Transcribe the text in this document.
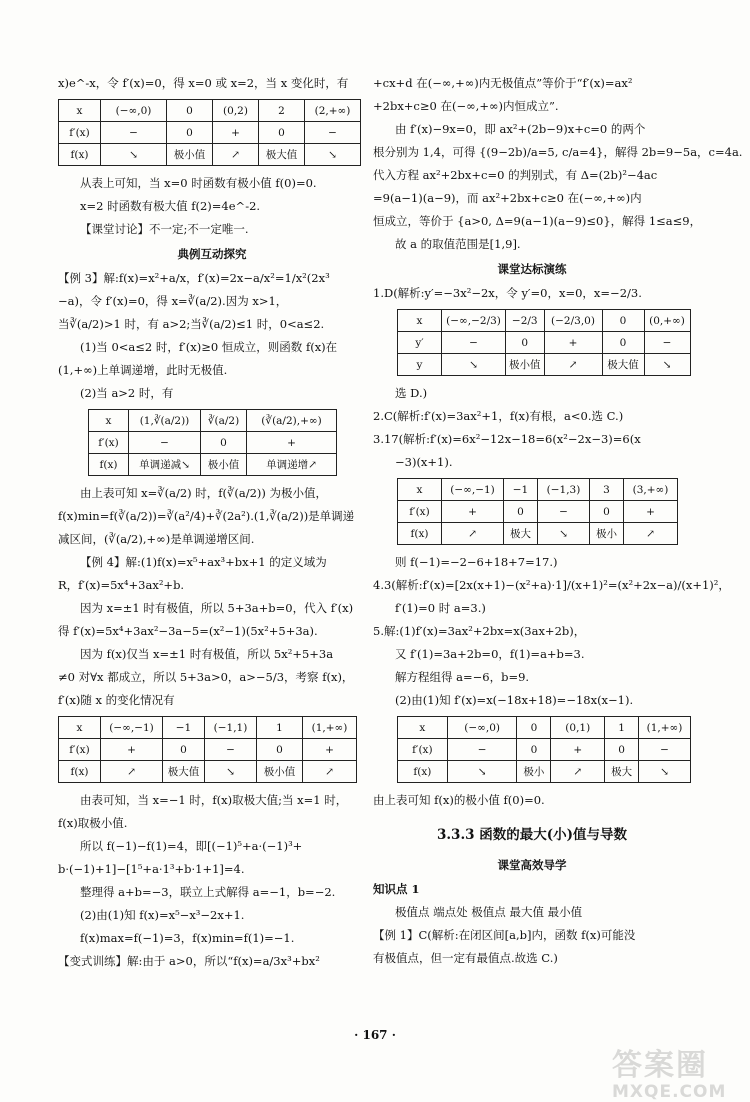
x)e^-x，令 f′(x)=0，得 x=0 或 x=2，当 x 变化时，有
x	(−∞,0)	0	(0,2)	2	(2,+∞)
f′(x)	−	0	+	0	−
f(x)	↘	极小值	↗	极大值	↘
从表上可知，当 x=0 时函数有极小值 f(0)=0.
x=2 时函数有极大值 f(2)=4e^-2.
【课堂讨论】不一定;不一定唯一.
典例互动探究
【例 3】解:f(x)=x²+a/x，f′(x)=2x−a/x²=1/x²(2x³
−a)，令 f′(x)=0，得 x=∛(a/2).因为 x>1，
当∛(a/2)>1 时，有 a>2;当∛(a/2)≤1 时，0<a≤2.
(1)当 0<a≤2 时，f′(x)≥0 恒成立，则函数 f(x)在
(1,+∞)上单调递增，此时无极值.
(2)当 a>2 时，有
x	(1,∛(a/2))	∛(a/2)	(∛(a/2),+∞)
f′(x)	−	0	+
f(x)	单调递减↘	极小值	单调递增↗
由上表可知 x=∛(a/2) 时，f(∛(a/2)) 为极小值，
f(x)min=f(∛(a/2))=∛(a²/4)+∛(2a²).(1,∛(a/2))是单调递
减区间，(∛(a/2),+∞)是单调递增区间.
【例 4】解:(1)f(x)=x⁵+ax³+bx+1 的定义域为
R，f′(x)=5x⁴+3ax²+b.
因为 x=±1 时有极值，所以 5+3a+b=0，代入 f′(x)
得 f′(x)=5x⁴+3ax²−3a−5=(x²−1)(5x²+5+3a).
因为 f(x)仅当 x=±1 时有极值，所以 5x²+5+3a
≠0 对∀x 都成立，所以 5+3a>0，a>−5/3，考察 f(x)，
f′(x)随 x 的变化情况有
x	(−∞,−1)	−1	(−1,1)	1	(1,+∞)
f′(x)	+	0	−	0	+
f(x)	↗	极大值	↘	极小值	↗
由表可知，当 x=−1 时，f(x)取极大值;当 x=1 时，
f(x)取极小值.
所以 f(−1)−f(1)=4，即[(−1)⁵+a·(−1)³+
b·(−1)+1]−[1⁵+a·1³+b·1+1]=4.
整理得 a+b=−3，联立上式解得 a=−1，b=−2.
(2)由(1)知 f(x)=x⁵−x³−2x+1.
f(x)max=f(−1)=3，f(x)min=f(1)=−1.
【变式训练】解:由于 a>0，所以“f(x)=a/3x³+bx²
+cx+d 在(−∞,+∞)内无极值点”等价于“f′(x)=ax²
+2bx+c≥0 在(−∞,+∞)内恒成立”.
由 f′(x)−9x=0，即 ax²+(2b−9)x+c=0 的两个
根分别为 1,4，可得 {(9−2b)/a=5, c/a=4}，解得 2b=9−5a，c=4a.
代入方程 ax²+2bx+c=0 的判别式，有 Δ=(2b)²−4ac
=9(a−1)(a−9)，而 ax²+2bx+c≥0 在(−∞,+∞)内
恒成立，等价于 {a>0, Δ=9(a−1)(a−9)≤0}，解得 1≤a≤9，
故 a 的取值范围是[1,9].
课堂达标演练
1.D(解析:y′=−3x²−2x，令 y′=0，x=0，x=−2/3.
x	(−∞,−2/3)	−2/3	(−2/3,0)	0	(0,+∞)
y′	−	0	+	0	−
y	↘	极小值	↗	极大值	↘
选 D.)
2.C(解析:f′(x)=3ax²+1，f(x)有根，a<0.选 C.)
3.17(解析:f′(x)=6x²−12x−18=6(x²−2x−3)=6(x
−3)(x+1).
x	(−∞,−1)	−1	(−1,3)	3	(3,+∞)
f′(x)	+	0	−	0	+
f(x)	↗	极大	↘	极小	↗
则 f(−1)=−2−6+18+7=17.)
4.3(解析:f′(x)=[2x(x+1)−(x²+a)·1]/(x+1)²=(x²+2x−a)/(x+1)²，
f′(1)=0 时 a=3.)
5.解:(1)f′(x)=3ax²+2bx=x(3ax+2b)，
又 f′(1)=3a+2b=0，f(1)=a+b=3.
解方程组得 a=−6，b=9.
(2)由(1)知 f′(x)=x(−18x+18)=−18x(x−1).
x	(−∞,0)	0	(0,1)	1	(1,+∞)
f′(x)	−	0	+	0	−
f(x)	↘	极小	↗	极大	↘
由上表可知 f(x)的极小值 f(0)=0.
3.3.3 函数的最大(小)值与导数
课堂高效导学
知识点 1
极值点 端点处 极值点 最大值 最小值
【例 1】C(解析:在闭区间[a,b]内，函数 f(x)可能没
有极值点，但一定有最值点.故选 C.)
· 167 ·
答案圈
MXQE.COM
